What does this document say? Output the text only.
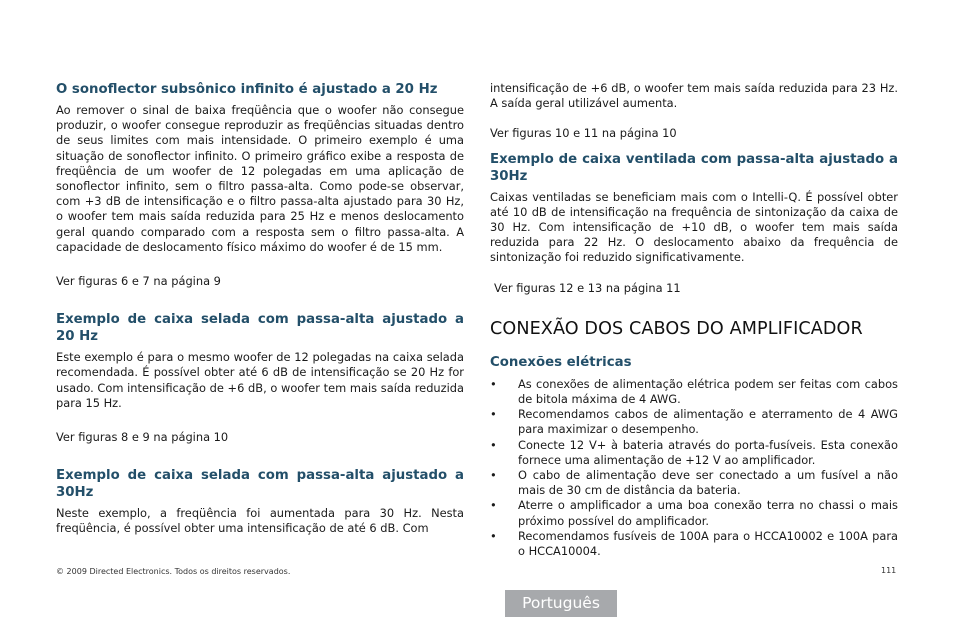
O sonoflector subsônico infinito é ajustado a 20 Hz

Ao remover o sinal de baixa freqüência que o woofer não consegue produzir, o woofer consegue reproduzir as freqüências situadas dentro de seus limites com mais intensidade. O primeiro exemplo é uma situação de sonoflector infinito. O primeiro gráfico exibe a resposta de freqüência de um woofer de 12 polegadas em uma aplicação de sonoflector infinito, sem o filtro passa-alta. Como pode-se observar, com +3 dB de intensificação e o filtro passa-alta ajustado para 30 Hz, o woofer tem mais saída reduzida para 25 Hz e menos deslocamento geral quando comparado com a resposta sem o filtro passa-alta. A capacidade de deslocamento físico máximo do woofer é de 15 mm.

Ver figuras 6 e 7 na página 9

Exemplo de caixa selada com passa-alta ajustado a 20 Hz

Este exemplo é para o mesmo woofer de 12 polegadas na caixa selada recomendada. É possível obter até 6 dB de intensificação se 20 Hz for usado. Com intensificação de +6 dB, o woofer tem mais saída reduzida para 15 Hz.

Ver figuras 8 e 9 na página 10

Exemplo de caixa selada com passa-alta ajustado a 30Hz

Neste exemplo, a freqüência foi aumentada para 30 Hz. Nesta freqüência, é possível obter uma intensificação de até 6 dB. Com

intensificação de +6 dB, o woofer tem mais saída reduzida para 23 Hz. A saída geral utilizável aumenta.

Ver figuras 10 e 11 na página 10

Exemplo de caixa ventilada com passa-alta ajustado a 30Hz

Caixas ventiladas se beneficiam mais com o Intelli-Q. É possível obter até 10 dB de intensificação na frequência de sintonização da caixa de 30 Hz. Com intensificação de +10 dB, o woofer tem mais saída reduzida para 22 Hz. O deslocamento abaixo da frequência de sintonização foi reduzido significativamente.

Ver figuras 12 e 13 na página 11

CONEXÃO DOS CABOS DO AMPLIFICADOR
Conexões elétricas
• As conexões de alimentação elétrica podem ser feitas com cabos de bitola máxima de 4 AWG.
• Recomendamos cabos de alimentação e aterramento de 4 AWG para maximizar o desempenho.
• Conecte 12 V+ à bateria através do porta-fusíveis. Esta conexão fornece uma alimentação de +12 V ao amplificador.
• O cabo de alimentação deve ser conectado a um fusível a não mais de 30 cm de distância da bateria.
• Aterre o amplificador a uma boa conexão terra no chassi o mais próximo possível do amplificador.
• Recomendamos fusíveis de 100A para o HCCA10002 e 100A para o HCCA10004.
© 2009 Directed Electronics. Todos os direitos reservados.	111
Português
